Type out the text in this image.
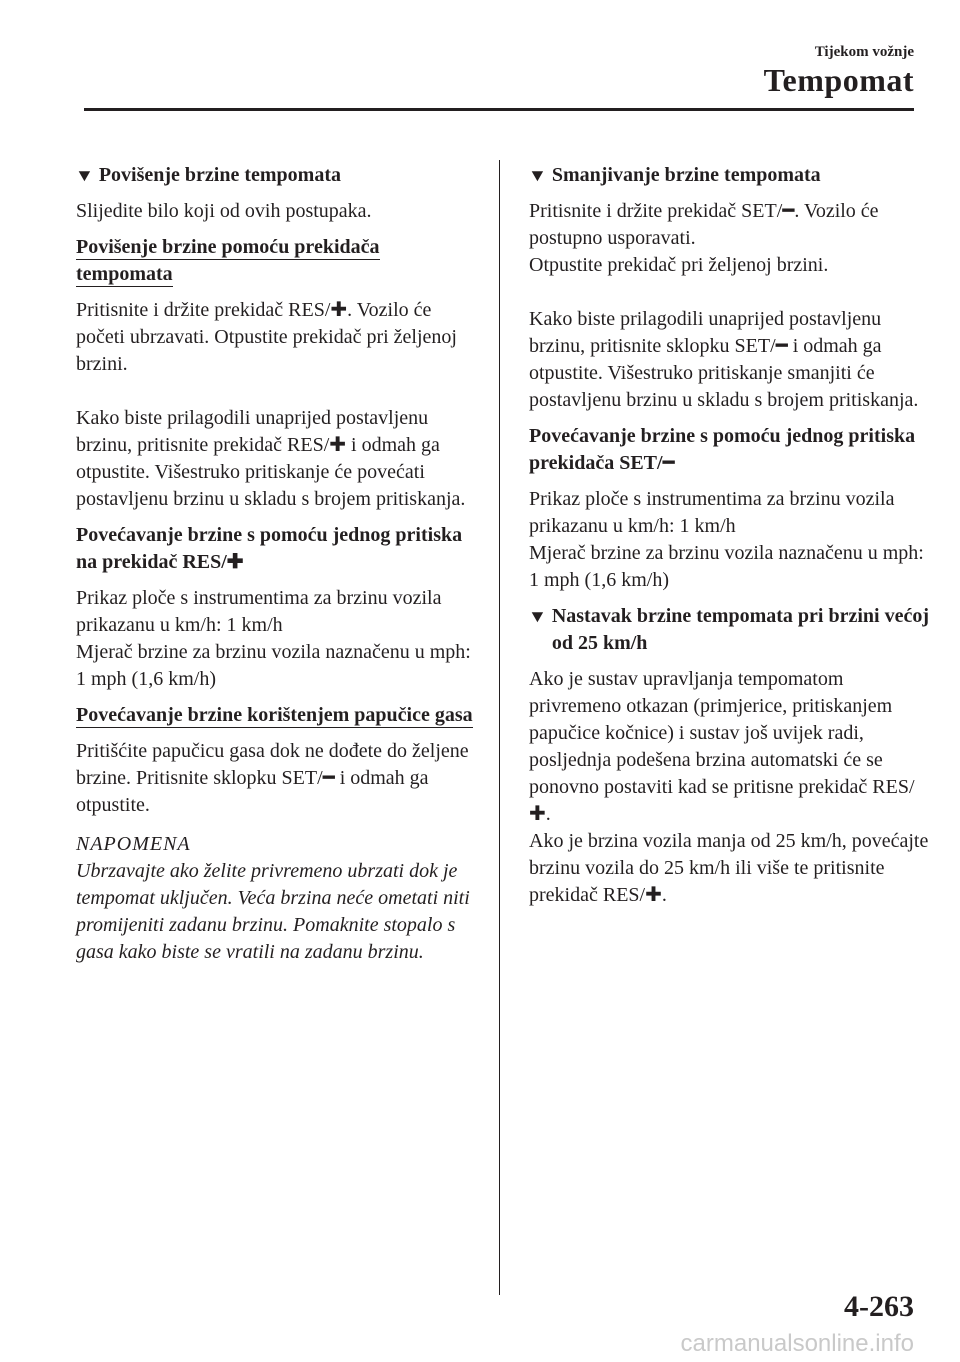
Tijekom vožnje
Tempomat
▼ Povišenje brzine tempomata

Slijedite bilo koji od ovih postupaka.

Povišenje brzine pomoću prekidača tempomata

Pritisnite i držite prekidač RES/✚. Vozilo će početi ubrzavati. Otpustite prekidač pri željenoj brzini.

Kako biste prilagodili unaprijed postavljenu brzinu, pritisnite prekidač RES/✚ i odmah ga otpustite. Višestruko pritiskanje će povećati postavljenu brzinu u skladu s brojem pritiskanja.

Povećavanje brzine s pomoću jednog pritiska na prekidač RES/✚

Prikaz ploče s instrumentima za brzinu vozila prikazanu u km/h: 1 km/h

Mjerač brzine za brzinu vozila naznačenu u mph: 1 mph (1,6 km/h)

Povećavanje brzine korištenjem papučice gasa

Pritišćite papučicu gasa dok ne dođete do željene brzine. Pritisnite sklopku SET/━ i odmah ga otpustite.

NAPOMENA

Ubrzavajte ako želite privremeno ubrzati dok je tempomat uključen. Veća brzina neće ometati niti promijeniti zadanu brzinu. Pomaknite stopalo s gasa kako biste se vratili na zadanu brzinu.

▼ Smanjivanje brzine tempomata

Pritisnite i držite prekidač SET/━. Vozilo će postupno usporavati.

Otpustite prekidač pri željenoj brzini.

Kako biste prilagodili unaprijed postavljenu brzinu, pritisnite sklopku SET/━ i odmah ga otpustite. Višestruko pritiskanje smanjiti će postavljenu brzinu u skladu s brojem pritiskanja.

Povećavanje brzine s pomoću jednog pritiska prekidača SET/━

Prikaz ploče s instrumentima za brzinu vozila prikazanu u km/h: 1 km/h

Mjerač brzine za brzinu vozila naznačenu u mph: 1 mph (1,6 km/h)

▼ Nastavak brzine tempomata pri brzini većoj od 25 km/h

Ako je sustav upravljanja tempomatom privremeno otkazan (primjerice, pritiskanjem papučice kočnice) i sustav još uvijek radi, posljednja podešena brzina automatski će se ponovno postaviti kad se pritisne prekidač RES/✚.

Ako je brzina vozila manja od 25 km/h, povećajte brzinu vozila do 25 km/h ili više te pritisnite prekidač RES/✚.

4-263
carmanualsonline.info
